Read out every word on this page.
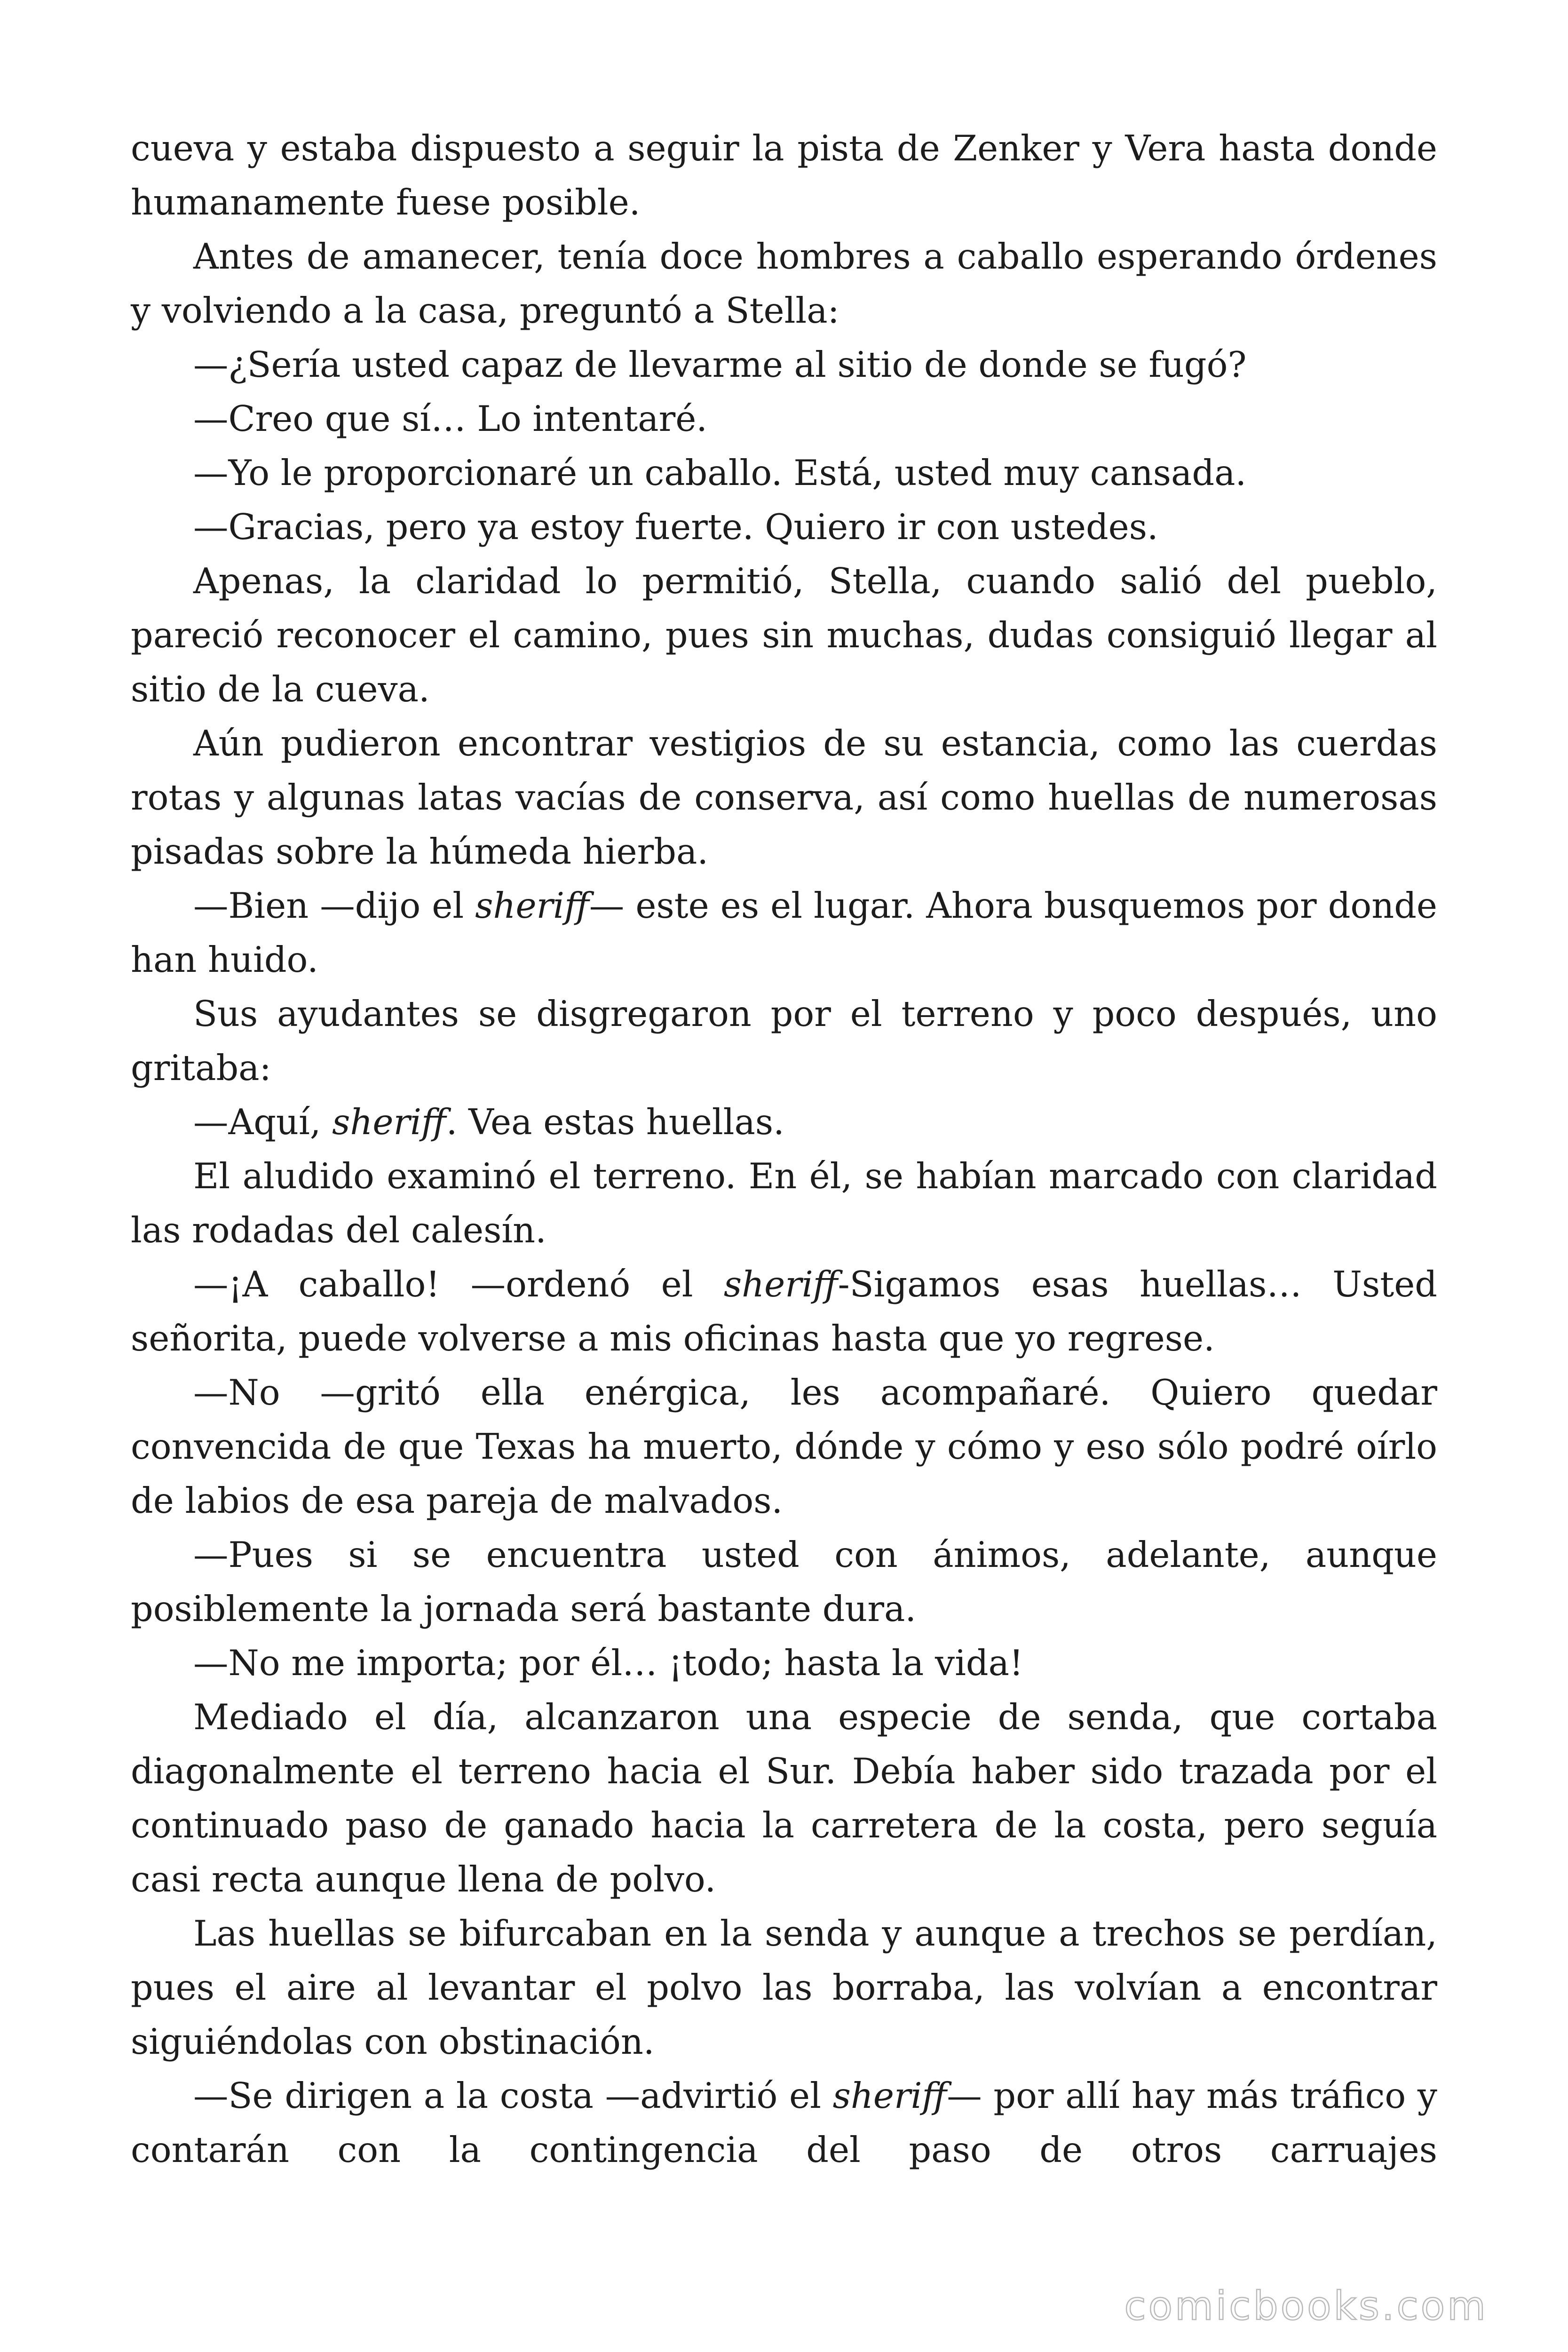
cueva y estaba dispuesto a seguir la pista de Zenker y Vera hasta donde humanamente fuese posible.

Antes de amanecer, tenía doce hombres a caballo esperando órdenes y volviendo a la casa, preguntó a Stella:

—¿Sería usted capaz de llevarme al sitio de donde se fugó?

—Creo que sí… Lo intentaré.

—Yo le proporcionaré un caballo. Está, usted muy cansada.

—Gracias, pero ya estoy fuerte. Quiero ir con ustedes.

Apenas, la claridad lo permitió, Stella, cuando salió del pueblo, pareció reconocer el camino, pues sin muchas, dudas consiguió llegar al sitio de la cueva.

Aún pudieron encontrar vestigios de su estancia, como las cuerdas rotas y algunas latas vacías de conserva, así como huellas de numerosas pisadas sobre la húmeda hierba.

—Bien —dijo el sheriff— este es el lugar. Ahora busquemos por donde han huido.

Sus ayudantes se disgregaron por el terreno y poco después, uno gritaba:

—Aquí, sheriff. Vea estas huellas.

El aludido examinó el terreno. En él, se habían marcado con claridad las rodadas del calesín.

—¡A caballo! —ordenó el sheriff-Sigamos esas huellas… Usted señorita, puede volverse a mis oficinas hasta que yo regrese.

—No —gritó ella enérgica, les acompañaré. Quiero quedar convencida de que Texas ha muerto, dónde y cómo y eso sólo podré oírlo de labios de esa pareja de malvados.

—Pues si se encuentra usted con ánimos, adelante, aunque posiblemente la jornada será bastante dura.

—No me importa; por él… ¡todo; hasta la vida!

Mediado el día, alcanzaron una especie de senda, que cortaba diagonalmente el terreno hacia el Sur. Debía haber sido trazada por el continuado paso de ganado hacia la carretera de la costa, pero seguía casi recta aunque llena de polvo.

Las huellas se bifurcaban en la senda y aunque a trechos se perdían, pues el aire al levantar el polvo las borraba, las volvían a encontrar siguiéndolas con obstinación.

—Se dirigen a la costa —advirtió el sheriff— por allí hay más tráfico y contarán con la contingencia del paso de otros carruajes

comicbooks.com
